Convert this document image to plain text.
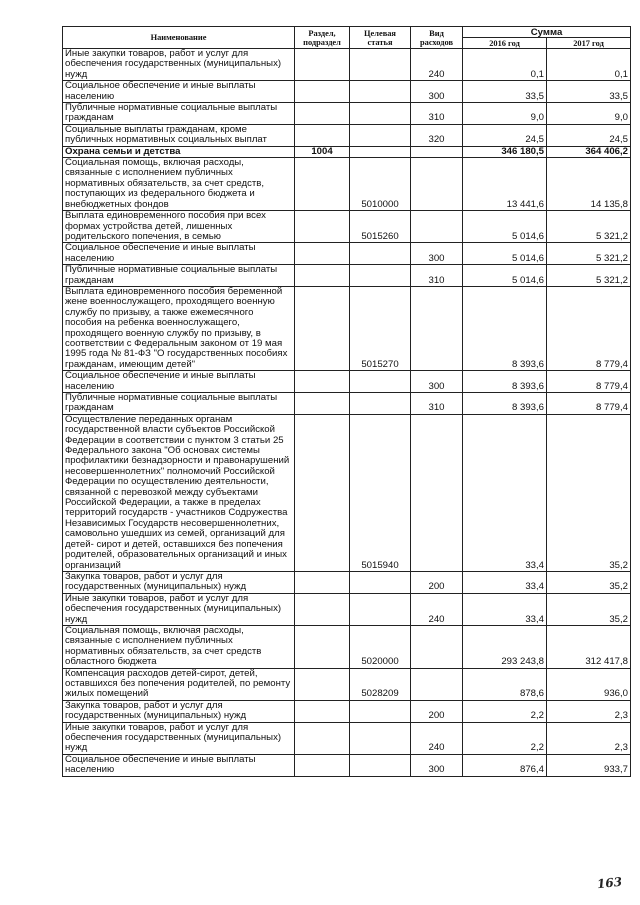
Наименование	Раздел, подраздел	Целевая статья	Вид расходов	Сумма	
				2016 год	2017 год
Иные закупки товаров, работ и услуг для обеспечения государственных (муниципальных) нужд			240	0,1	0,1
Социальное обеспечение и иные выплаты населению			300	33,5	33,5
Публичные нормативные социальные выплаты гражданам			310	9,0	9,0
Социальные выплаты гражданам, кроме публичных нормативных социальных выплат			320	24,5	24,5
Охрана семьи и детства	1004			346 180,5	364 406,2
Социальная помощь, включая расходы, связанные с исполнением публичных нормативных обязательств, за счет средств, поступающих из федерального бюджета и внебюджетных фондов		5010000		13 441,6	14 135,8
Выплата единовременного пособия при всех формах устройства детей, лишенных родительского попечения, в семью		5015260		5 014,6	5 321,2
Социальное обеспечение и иные выплаты населению			300	5 014,6	5 321,2
Публичные нормативные социальные выплаты гражданам			310	5 014,6	5 321,2
Выплата единовременного пособия беременной жене военнослужащего, проходящего военную службу по призыву, а также ежемесячного пособия на ребенка военнослужащего, проходящего военную службу по призыву, в соответствии с Федеральным законом от 19 мая 1995 года № 81-ФЗ "О государственных пособиях гражданам, имеющим детей"		5015270		8 393,6	8 779,4
Социальное обеспечение и иные выплаты населению			300	8 393,6	8 779,4
Публичные нормативные социальные выплаты гражданам			310	8 393,6	8 779,4
Осуществление переданных органам государственной власти субъектов Российской Федерации в соответствии с пунктом 3 статьи 25 Федерального закона "Об основах системы профилактики безнадзорности и правонарушений несовершеннолетних" полномочий Российской Федерации по осуществлению деятельности, связанной с перевозкой между субъектами Российской Федерации, а также в пределах территорий государств - участников Содружества Независимых Государств несовершеннолетних, самовольно ушедших из семей, организаций для детей- сирот и детей, оставшихся без попечения родителей, образовательных организаций и иных организаций		5015940		33,4	35,2
Закупка товаров, работ и услуг для государственных (муниципальных) нужд			200	33,4	35,2
Иные закупки товаров, работ и услуг для обеспечения государственных (муниципальных) нужд			240	33,4	35,2
Социальная помощь, включая расходы, связанные с исполнением публичных нормативных обязательств, за счет средств областного бюджета		5020000		293 243,8	312 417,8
Компенсация расходов детей-сирот, детей, оставшихся без попечения родителей, по ремонту жилых помещений		5028209		878,6	936,0
Закупка товаров, работ и услуг для государственных (муниципальных) нужд			200	2,2	2,3
Иные закупки товаров, работ и услуг для обеспечения государственных (муниципальных) нужд			240	2,2	2,3
Социальное обеспечение и иные выплаты населению			300	876,4	933,7
163
